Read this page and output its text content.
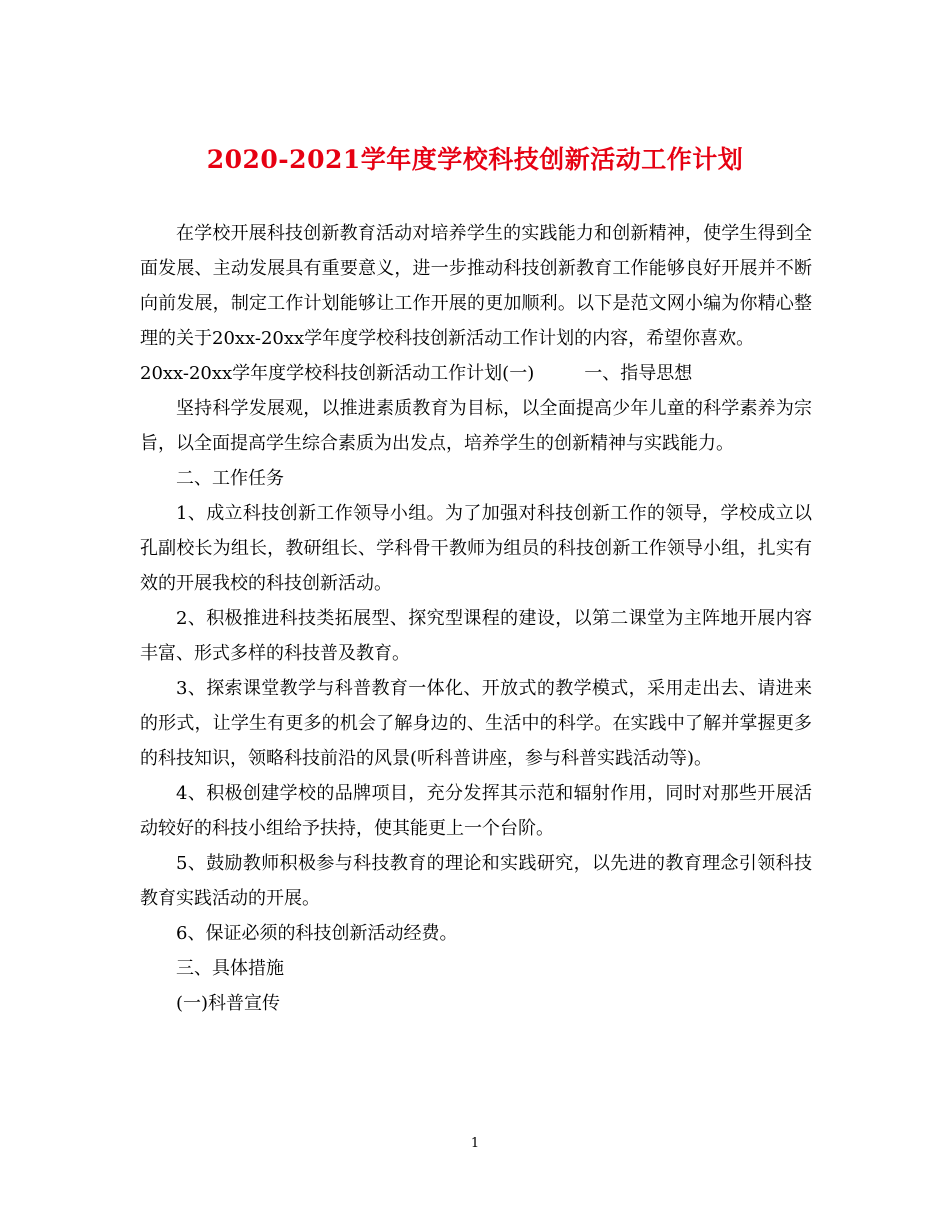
2020-2021学年度学校科技创新活动工作计划

在学校开展科技创新教育活动对培养学生的实践能力和创新精神，使学生得到全面发展、主动发展具有重要意义，进一步推动科技创新教育工作能够良好开展并不断向前发展，制定工作计划能够让工作开展的更加顺利。以下是范文网小编为你精心整理的关于20xx-20xx学年度学校科技创新活动工作计划的内容，希望你喜欢。

20xx-20xx学年度学校科技创新活动工作计划(一)	一、指导思想

坚持科学发展观，以推进素质教育为目标，以全面提高少年儿童的科学素养为宗旨，以全面提高学生综合素质为出发点，培养学生的创新精神与实践能力。

二、工作任务

1、成立科技创新工作领导小组。为了加强对科技创新工作的领导，学校成立以孔副校长为组长，教研组长、学科骨干教师为组员的科技创新工作领导小组，扎实有效的开展我校的科技创新活动。

2、积极推进科技类拓展型、探究型课程的建设，以第二课堂为主阵地开展内容丰富、形式多样的科技普及教育。

3、探索课堂教学与科普教育一体化、开放式的教学模式，采用走出去、请进来的形式，让学生有更多的机会了解身边的、生活中的科学。在实践中了解并掌握更多的科技知识，领略科技前沿的风景(听科普讲座，参与科普实践活动等)。

4、积极创建学校的品牌项目，充分发挥其示范和辐射作用，同时对那些开展活动较好的科技小组给予扶持，使其能更上一个台阶。

5、鼓励教师积极参与科技教育的理论和实践研究，以先进的教育理念引领科技教育实践活动的开展。

6、保证必须的科技创新活动经费。

三、具体措施

(一)科普宣传

1
